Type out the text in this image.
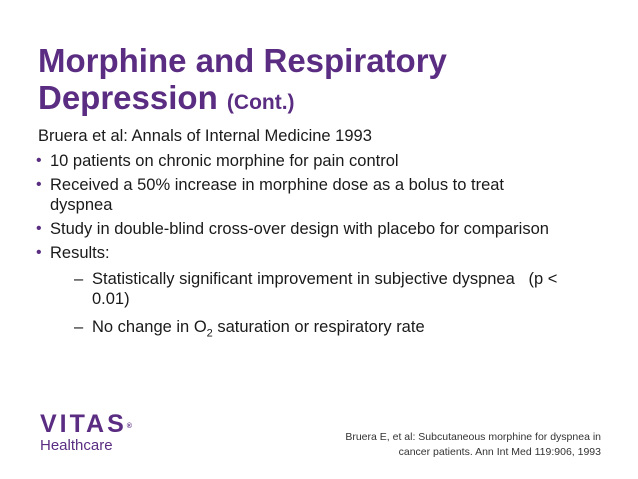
Morphine and Respiratory
Depression (Cont.)
Bruera et al: Annals of Internal Medicine 1993
• 10 patients on chronic morphine for pain control
• Received a 50% increase in morphine dose as a bolus to treat dyspnea
• Study in double-blind cross-over design with placebo for comparison
• Results:
– Statistically significant improvement in subjective dyspnea   (p < 0.01)
– No change in $O_2$ saturation or respiratory rate
VITAS®
Healthcare	Bruera E, et al: Subcutaneous morphine for dyspnea in
cancer patients. Ann Int Med 119:906, 1993
